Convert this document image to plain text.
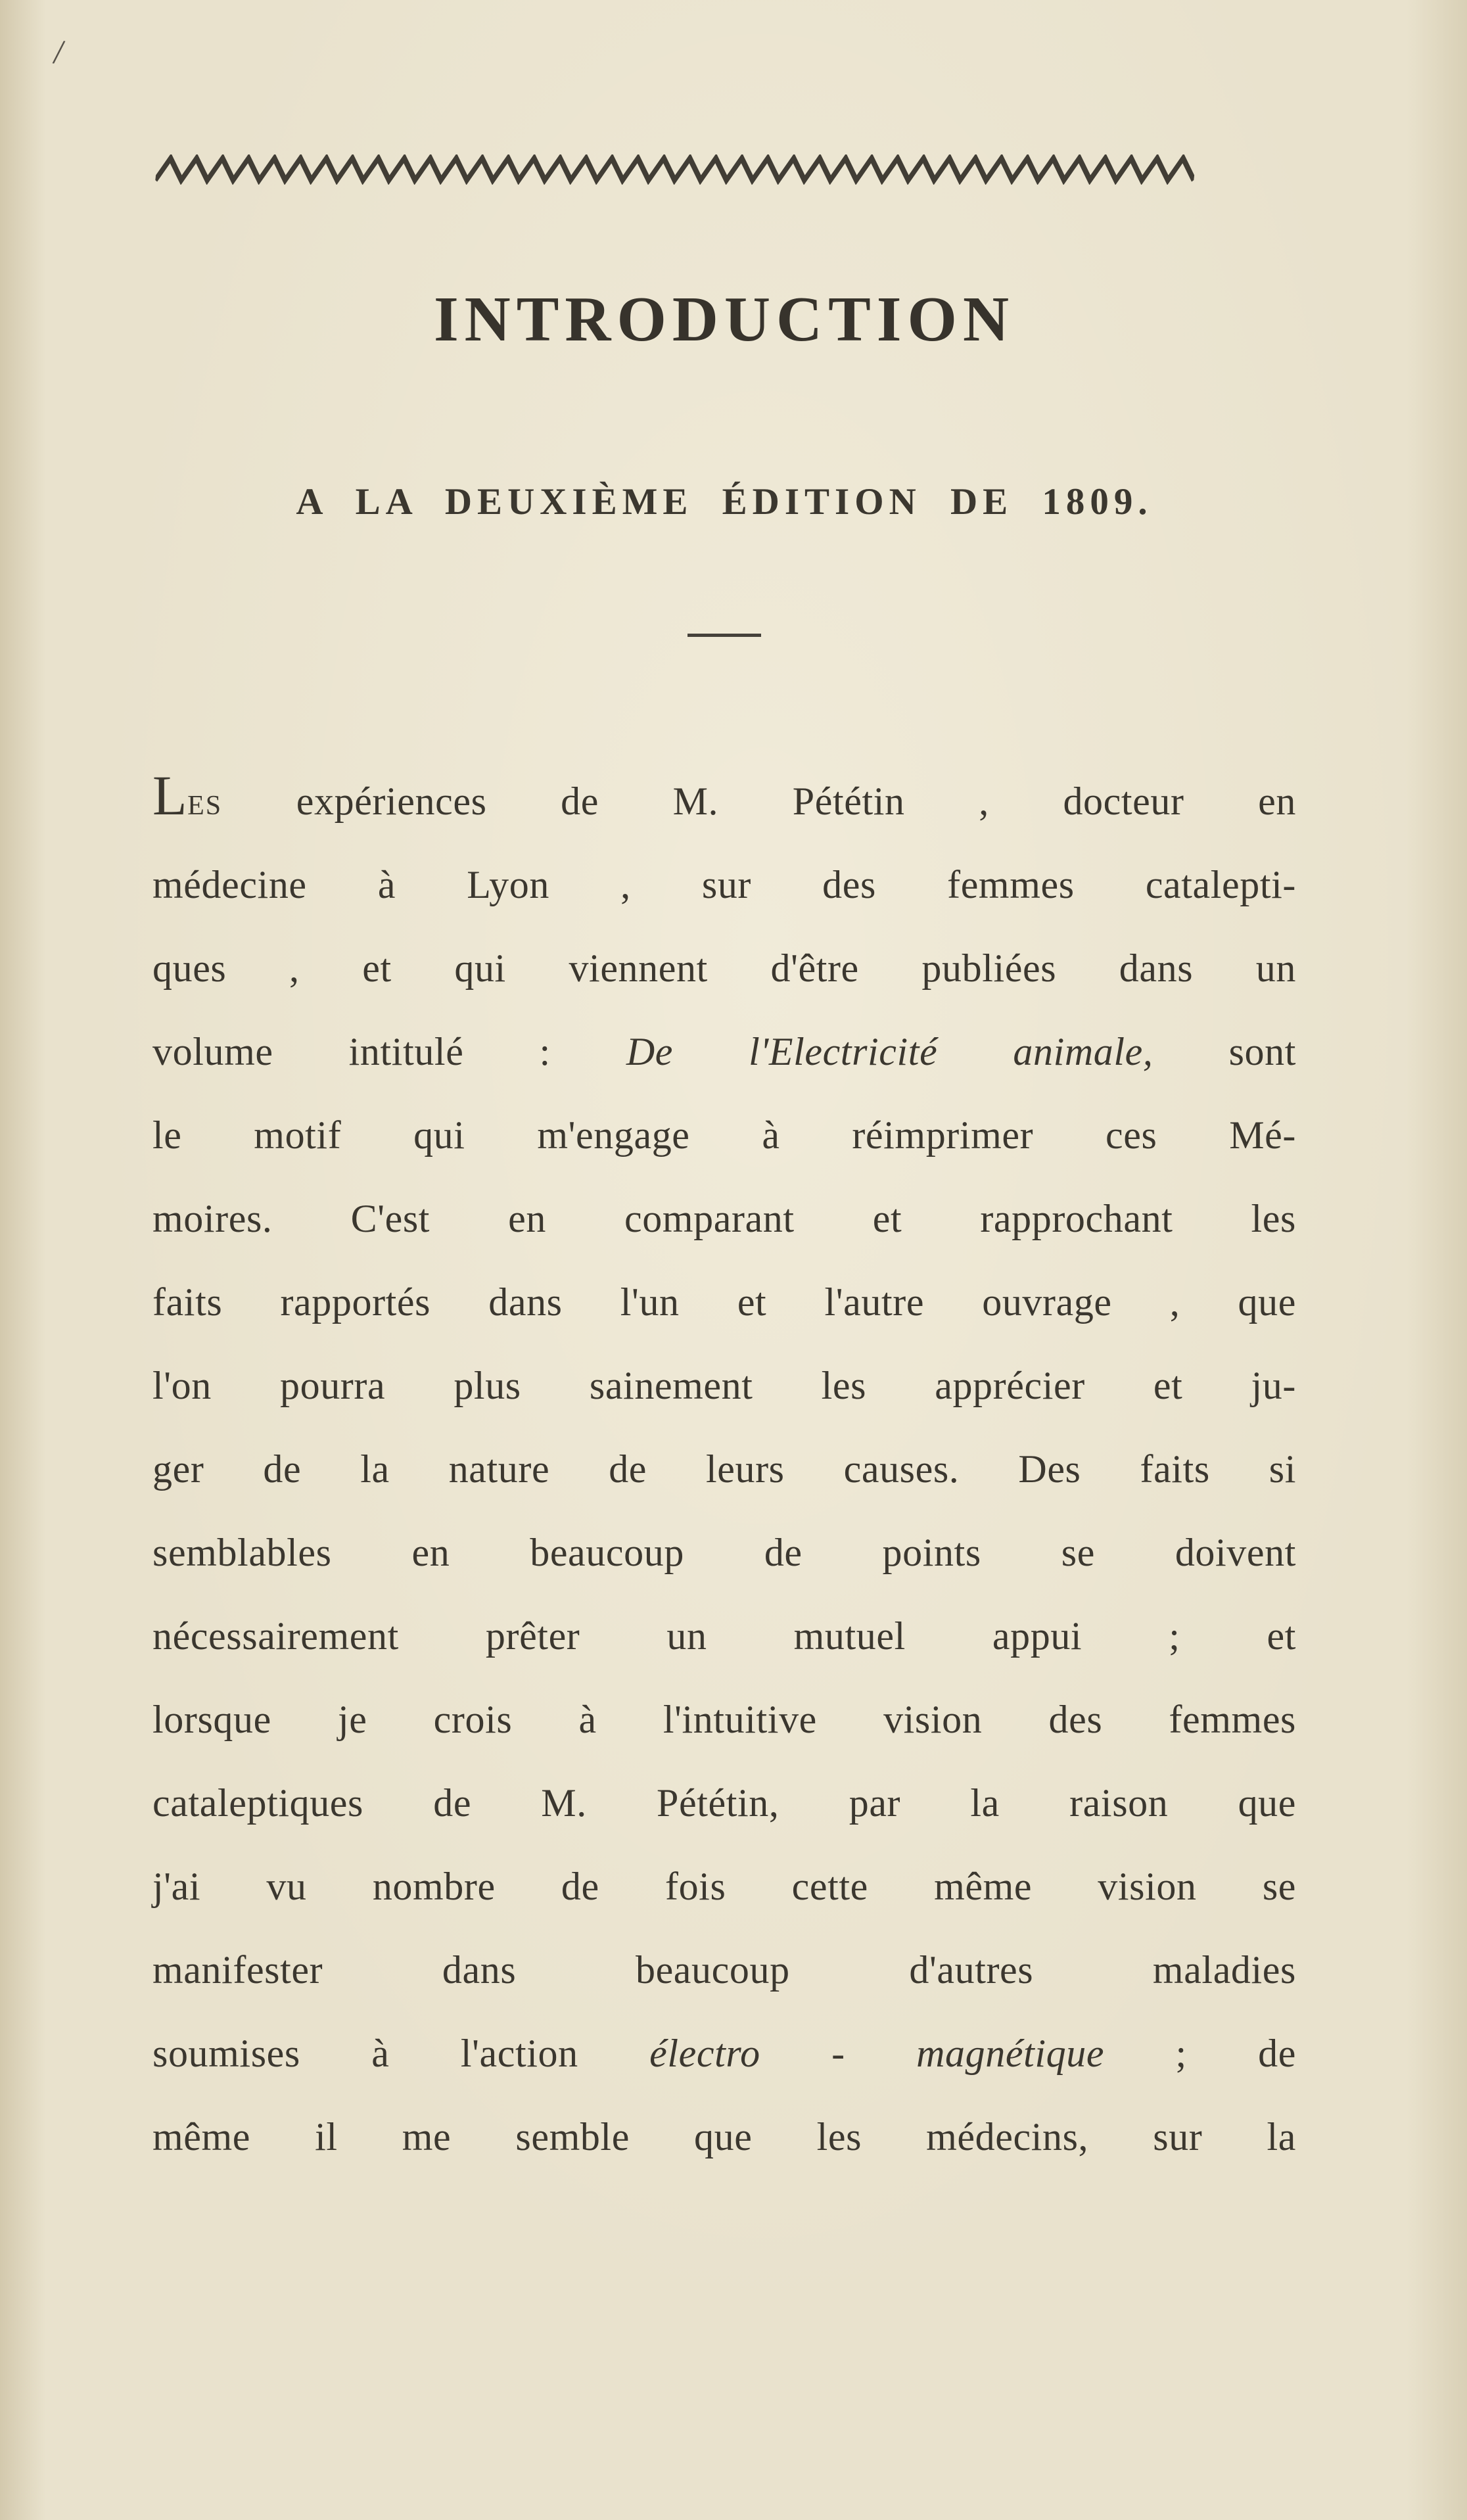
/
INTRODUCTION
A LA DEUXIÈME ÉDITION DE 1809.

Les expériences de M. Pététin , docteur en

médecine à Lyon , sur des femmes catalepti-

ques , et qui viennent d'être publiées dans un

volume intitulé : De l'Electricité animale, sont

le motif qui m'engage à réimprimer ces Mé-

moires. C'est en comparant et rapprochant les

faits rapportés dans l'un et l'autre ouvrage , que

l'on pourra plus sainement les apprécier et ju-

ger de la nature de leurs causes. Des faits si

semblables en beaucoup de points se doivent

nécessairement prêter un mutuel appui ; et

lorsque je crois à l'intuitive vision des femmes

cataleptiques de M. Pététin, par la raison que

j'ai vu nombre de fois cette même vision se

manifester dans beaucoup d'autres maladies

soumises à l'action électro - magnétique ; de

même il me semble que les médecins, sur la
